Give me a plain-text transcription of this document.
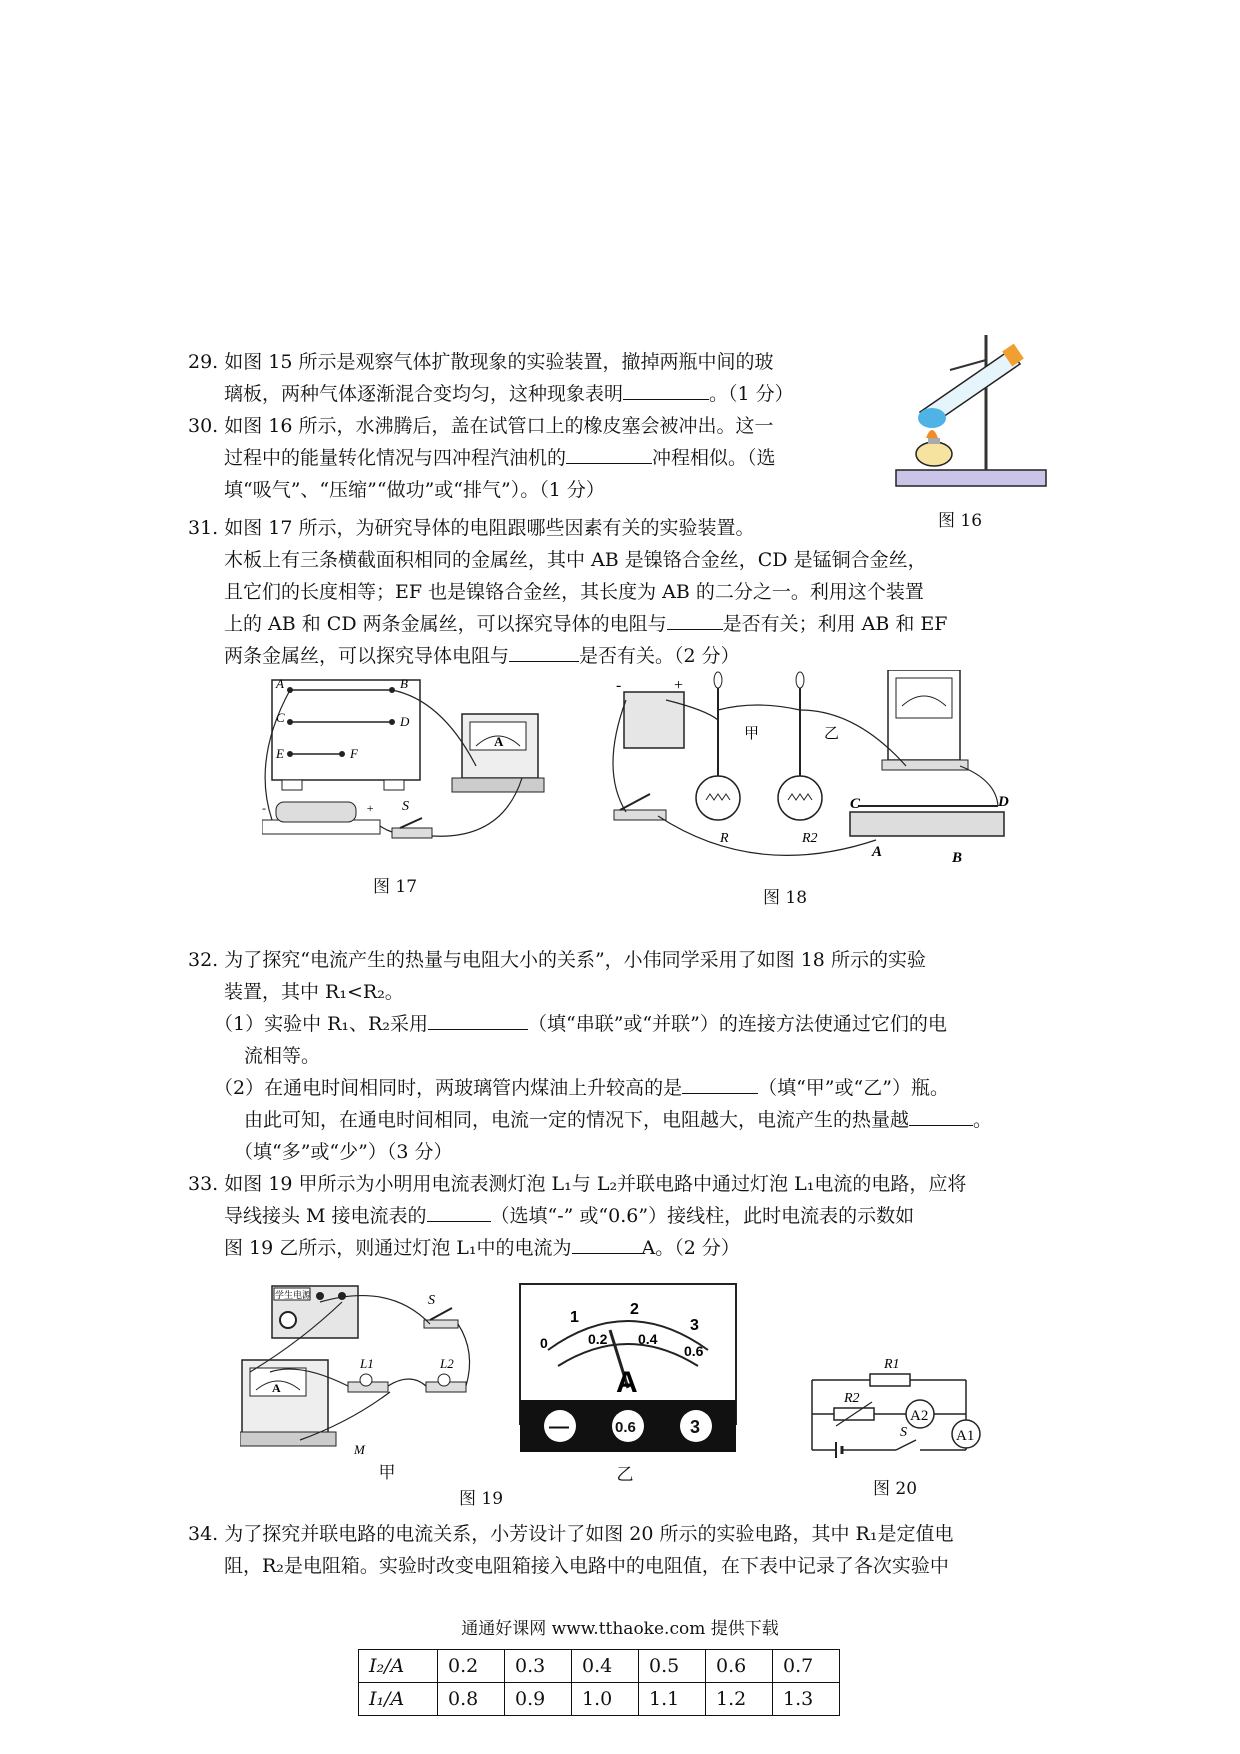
29. 如图 15 所示是观察气体扩散现象的实验装置，撤掉两瓶中间的玻
璃板，两种气体逐渐混合变均匀，这种现象表明	。（1 分）
30. 如图 16 所示，水沸腾后，盖在试管口上的橡皮塞会被冲出。这一
过程中的能量转化情况与四冲程汽油机的	冲程相似。（选
填“吸气”、“压缩”“做功”或“排气”）。（1 分）
图 16
31. 如图 17 所示，为研究导体的电阻跟哪些因素有关的实验装置。
木板上有三条横截面积相同的金属丝，其中 AB 是镍铬合金丝，CD 是锰铜合金丝，
且它们的长度相等；EF 也是镍铬合金丝，其长度为 AB 的二分之一。利用这个装置
上的 AB 和 CD 两条金属丝，可以探究导体的电阻与	是否有关；利用 AB 和 EF
两条金属丝，可以探究导体电阻与	是否有关。（2 分）
A	B
C	D
E	F
A
-	+ S
图 17
-	+
甲	乙
R	R2
C	D
A	B
图 18
32. 为了探究“电流产生的热量与电阻大小的关系”，小伟同学采用了如图 18 所示的实验
装置，其中 R₁<R₂。
（1）实验中 R₁、R₂采用	（填“串联”或“并联”）的连接方法使通过它们的电
流相等。
（2）在通电时间相同时，两玻璃管内煤油上升较高的是	（填“甲”或“乙”）瓶。
由此可知，在通电时间相同，电流一定的情况下，电阻越大，电流产生的热量越	。
（填“多”或“少”）（3 分）
33. 如图 19 甲所示为小明用电流表测灯泡 L₁与 L₂并联电路中通过灯泡 L₁电流的电路，应将
导线接头 M 接电流表的	（选填“-” 或“0.6”）接线柱，此时电流表的示数如
图 19 乙所示，则通过灯泡 L₁中的电流为	A。（2 分）
学生电源	S
A
L1	L2
M
甲
1	2
3
0	0.2 0.4
0.6
A
—	0.6	3
乙
图 19
R1
R2
A2
A1
S
图 20
34. 为了探究并联电路的电流关系，小芳设计了如图 20 所示的实验电路，其中 R₁是定值电
阻，R₂是电阻箱。实验时改变电阻箱接入电路中的电阻值，在下表中记录了各次实验中
通通好课网 www.tthaoke.com 提供下载
I₂/A	0.2	0.3	0.4	0.5	0.6	0.7
I₁/A	0.8	0.9	1.0	1.1	1.2	1.3
